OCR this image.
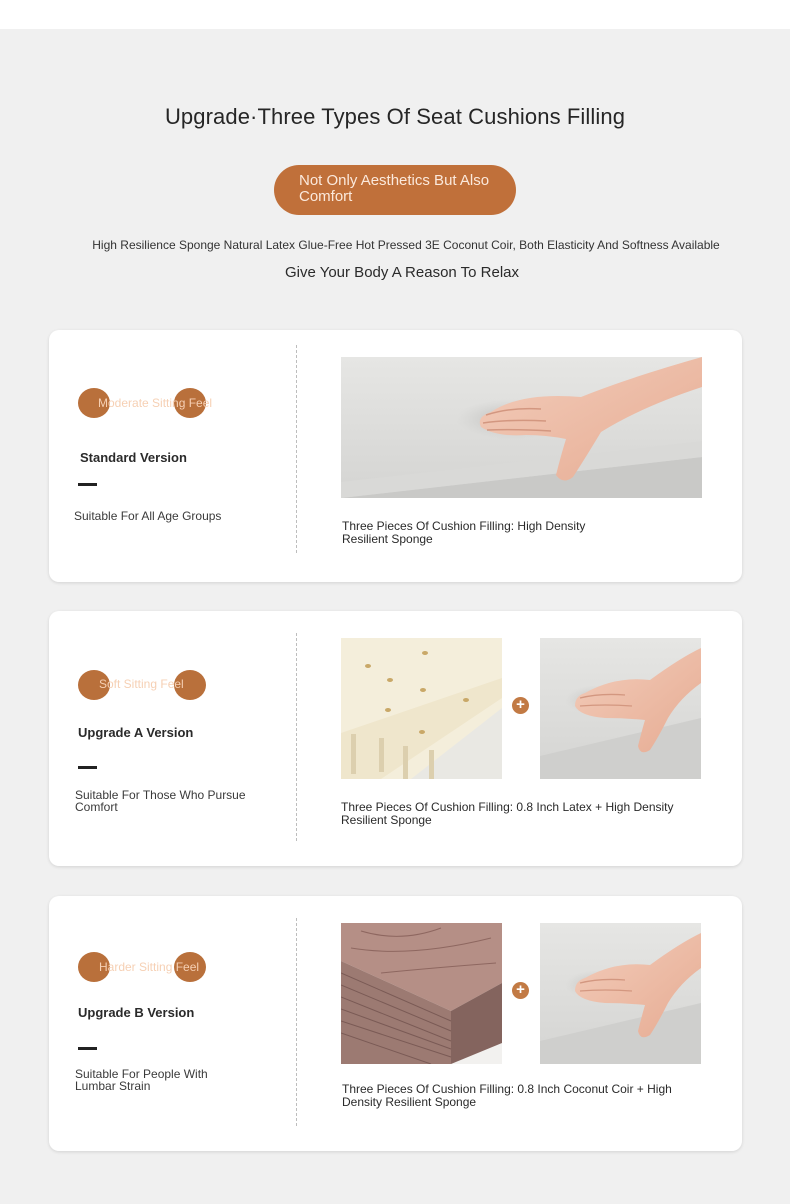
Upgrade·Three Types Of Seat Cushions Filling
Not Only Aesthetics But Also Comfort
High Resilience Sponge Natural Latex Glue-Free Hot Pressed 3E Coconut Coir, Both Elasticity And Softness Available
Give Your Body A Reason To Relax
Moderate Sitting Feel
Standard Version
Suitable For All Age Groups
Three Pieces Of Cushion Filling: High Density Resilient Sponge
Soft Sitting Feel
Upgrade A Version
Suitable For Those Who Pursue Comfort
+
Three Pieces Of Cushion Filling: 0.8 Inch Latex + High Density Resilient Sponge
Harder Sitting Feel
Upgrade B Version
Suitable For People With Lumbar Strain
+
Three Pieces Of Cushion Filling: 0.8 Inch Coconut Coir + High Density Resilient Sponge
